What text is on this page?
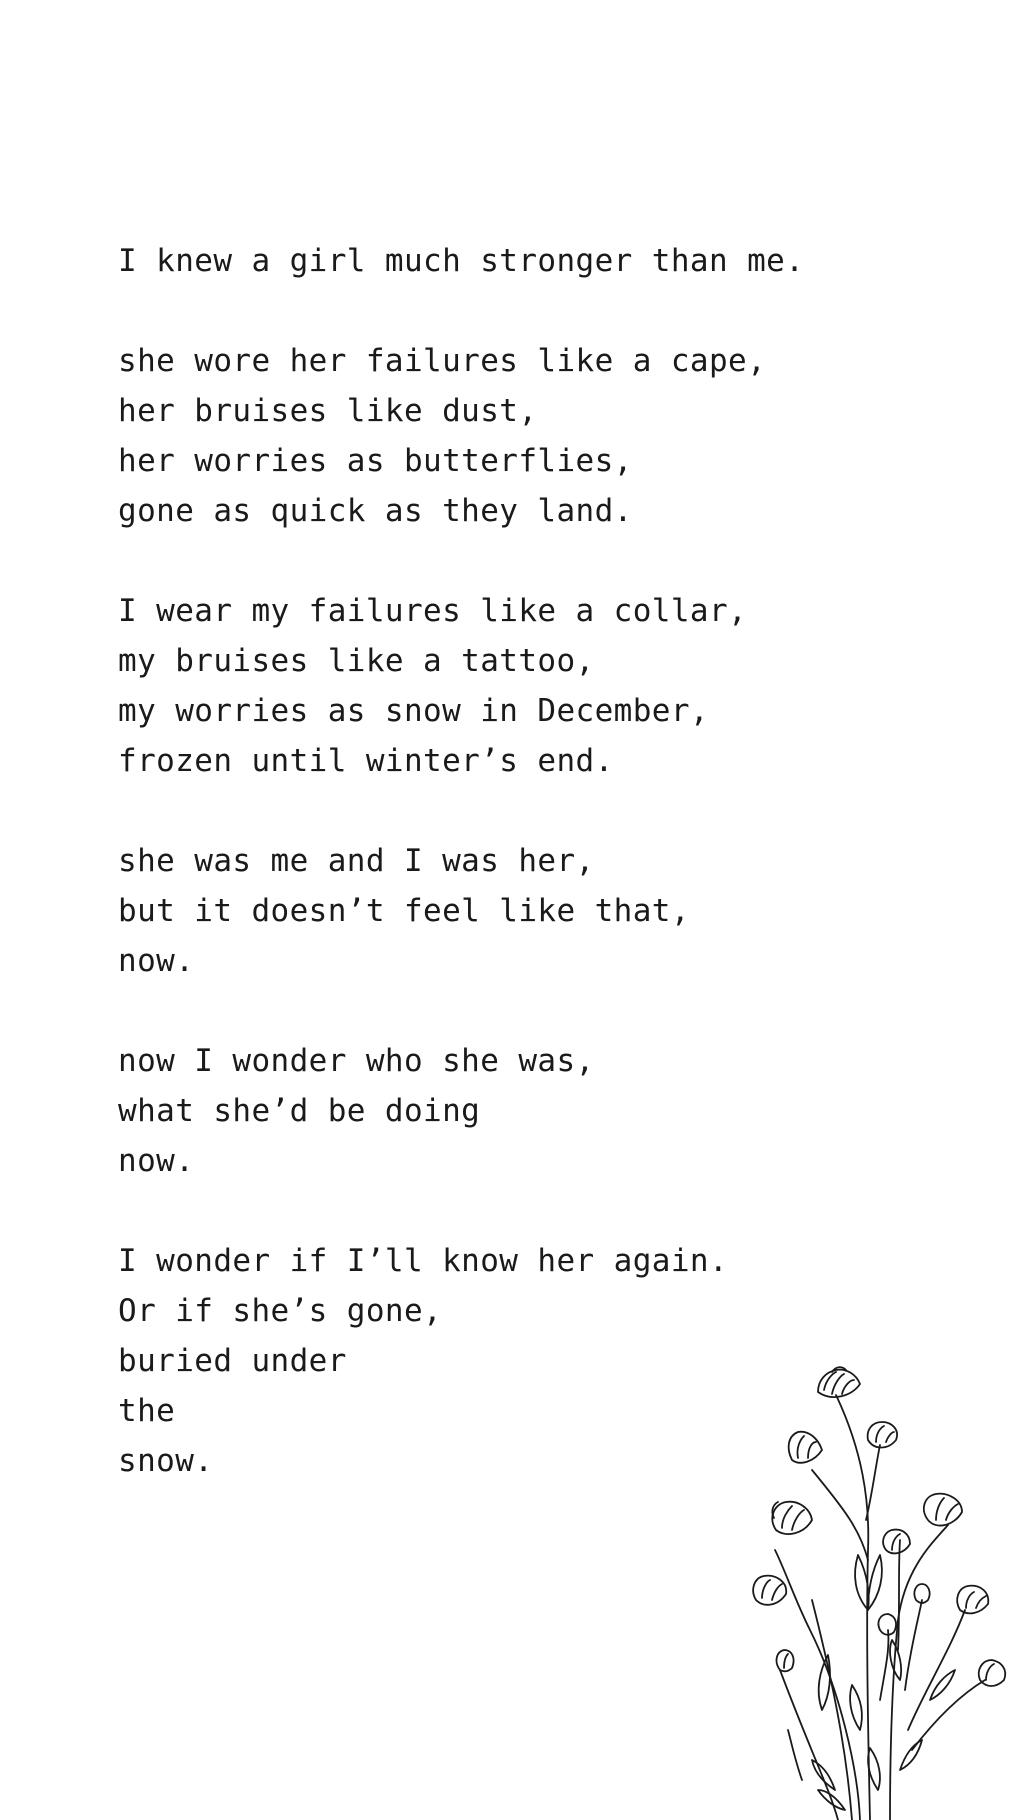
I knew a girl much stronger than me.
she wore her failures like a cape,
her bruises like dust,
her worries as butterflies,
gone as quick as they land.
I wear my failures like a collar,
my bruises like a tattoo,
my worries as snow in December,
frozen until winter’s end.
she was me and I was her,
but it doesn’t feel like that,
now.
now I wonder who she was,
what she’d be doing
now.
I wonder if I’ll know her again.
Or if she’s gone,
buried under
the
snow.
